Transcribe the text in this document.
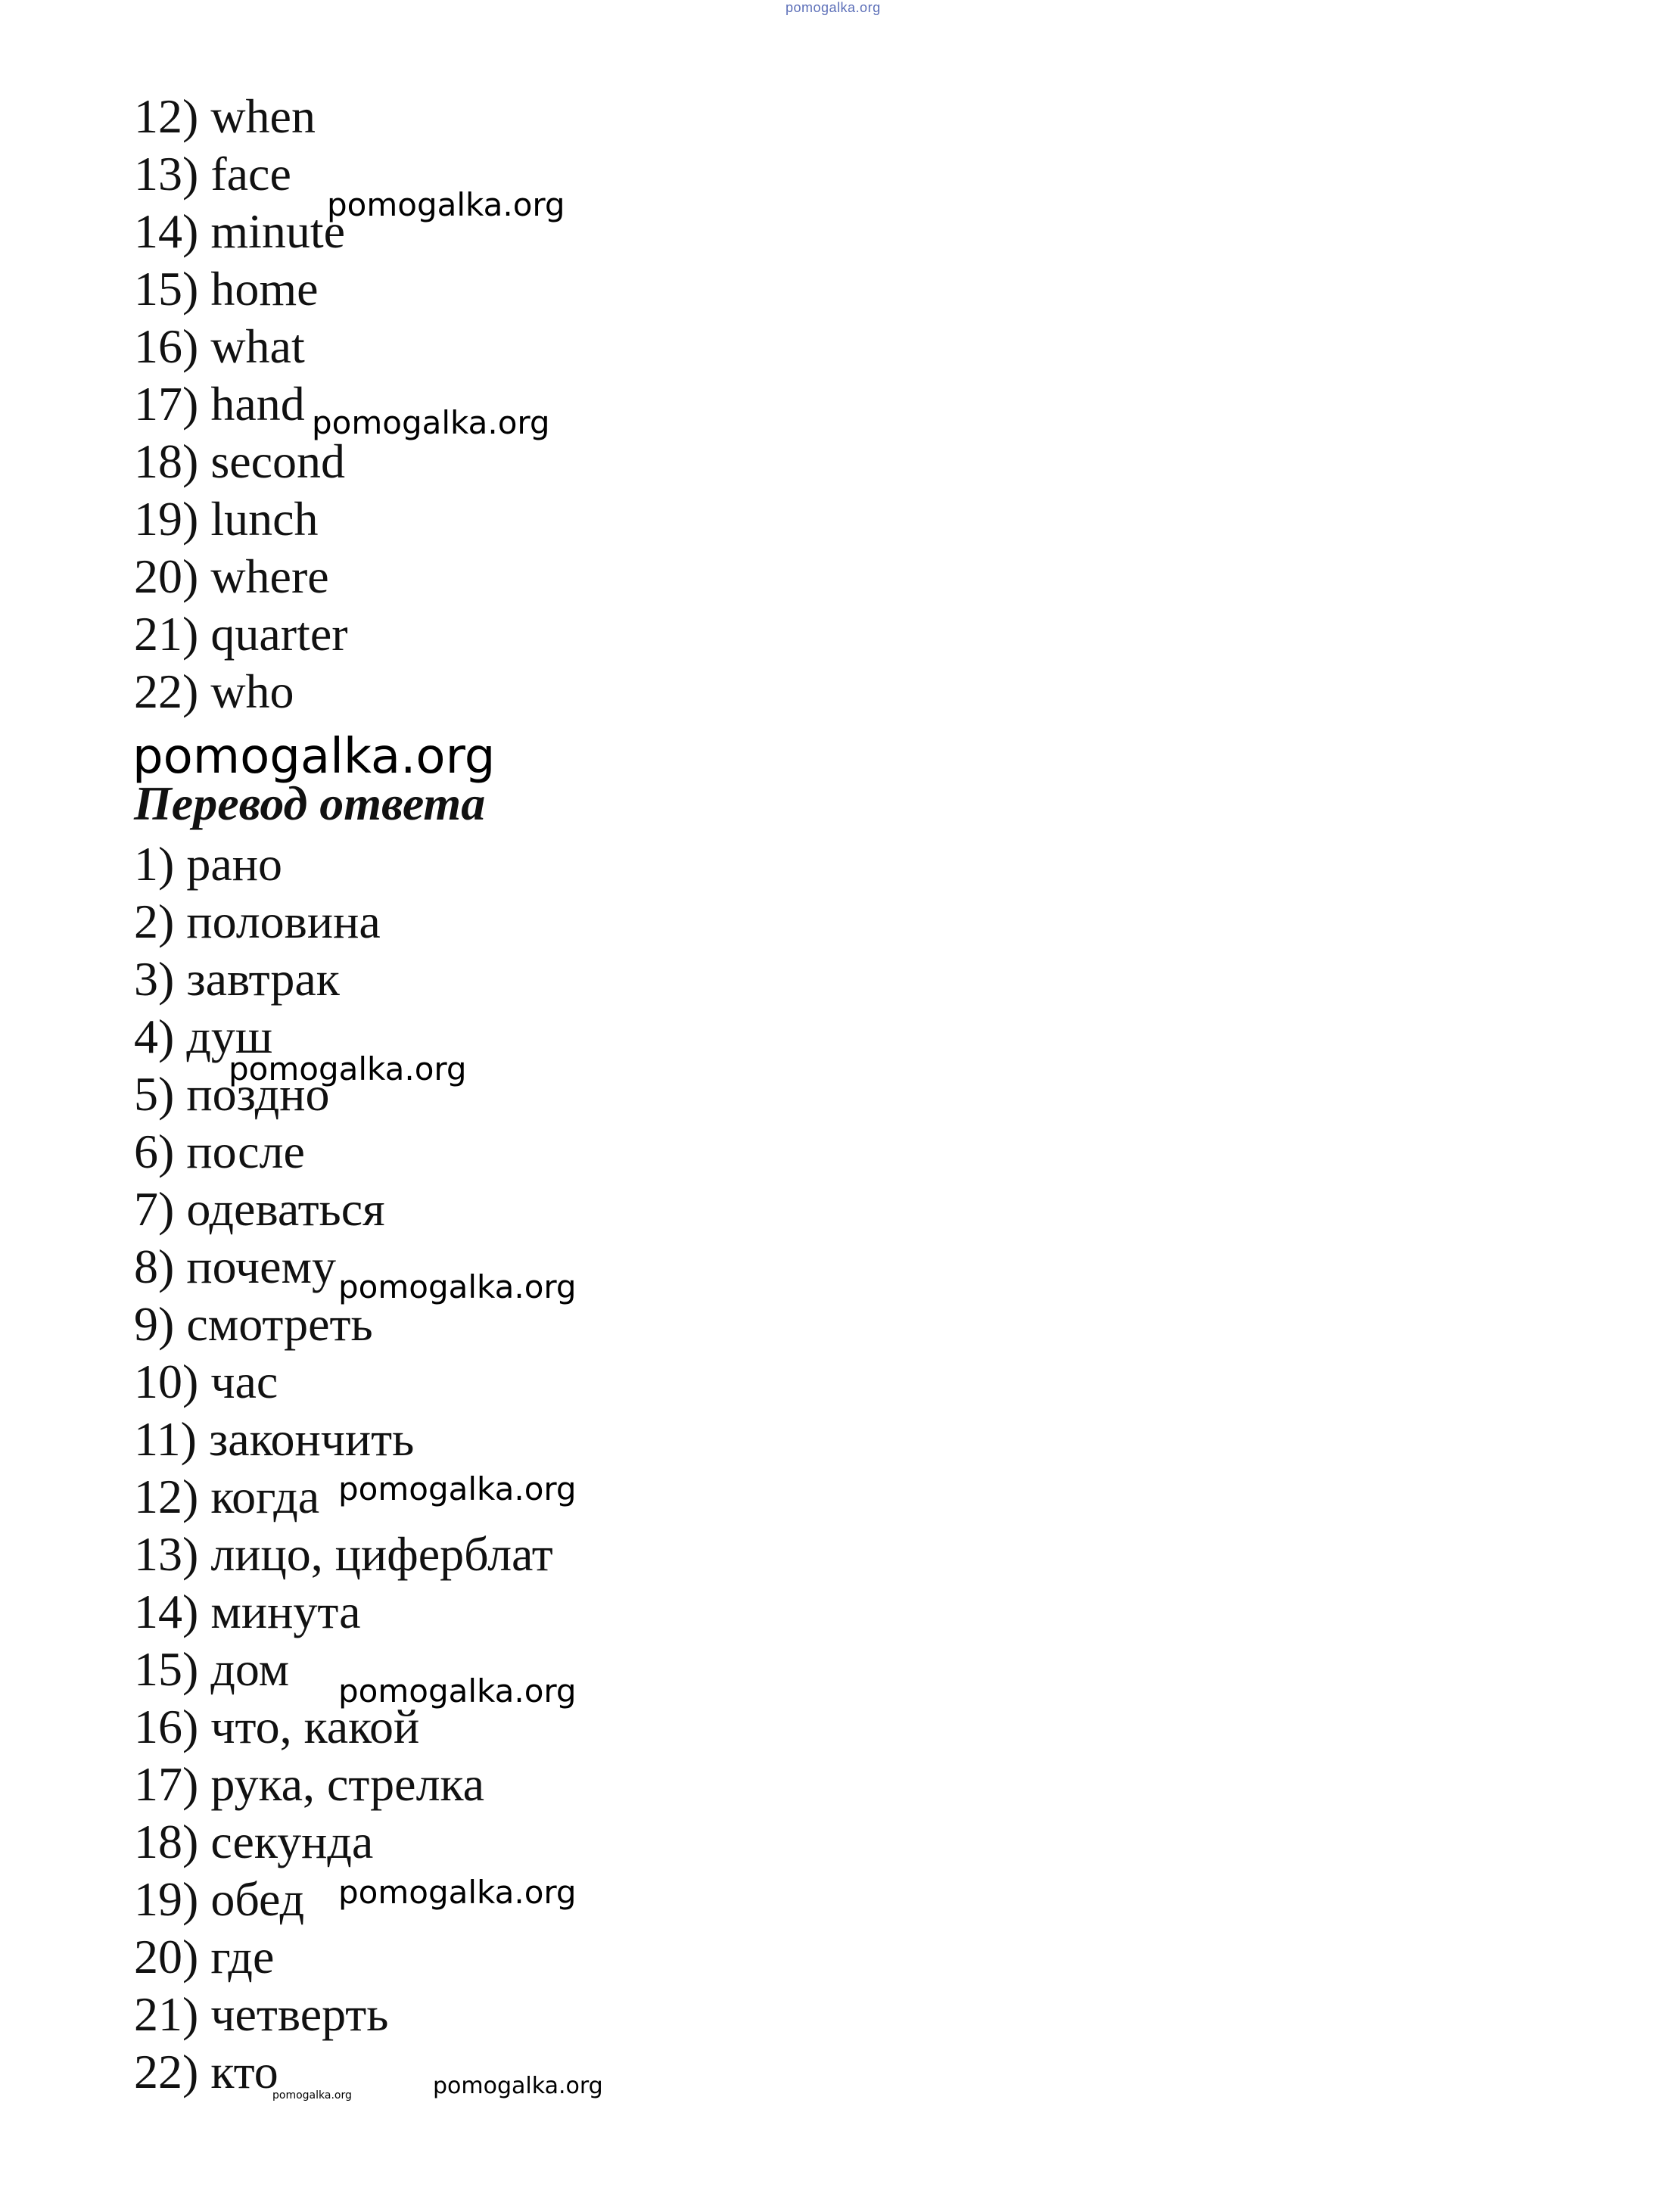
pomogalka.org
12) when
13) face
14) minute
15) home
16) what
17) hand
18) second
19) lunch
20) where
21) quarter
22) who
pomogalka.org
Перевод ответа
1) рано
2) половина
3) завтрак
4) душ
5) поздно
6) после
7) одеваться
8) почему
9) смотреть
10) час
11) закончить
12) когда
13) лицо, циферблат
14) минута
15) дом
16) что, какой
17) рука, стрелка
18) секунда
19) обед
20) где
21) четверть
22) кто
pomogalka.org
pomogalka.org
pomogalka.org
pomogalka.org
pomogalka.org
pomogalka.org
pomogalka.org
pomogalka.org
pomogalka.org
